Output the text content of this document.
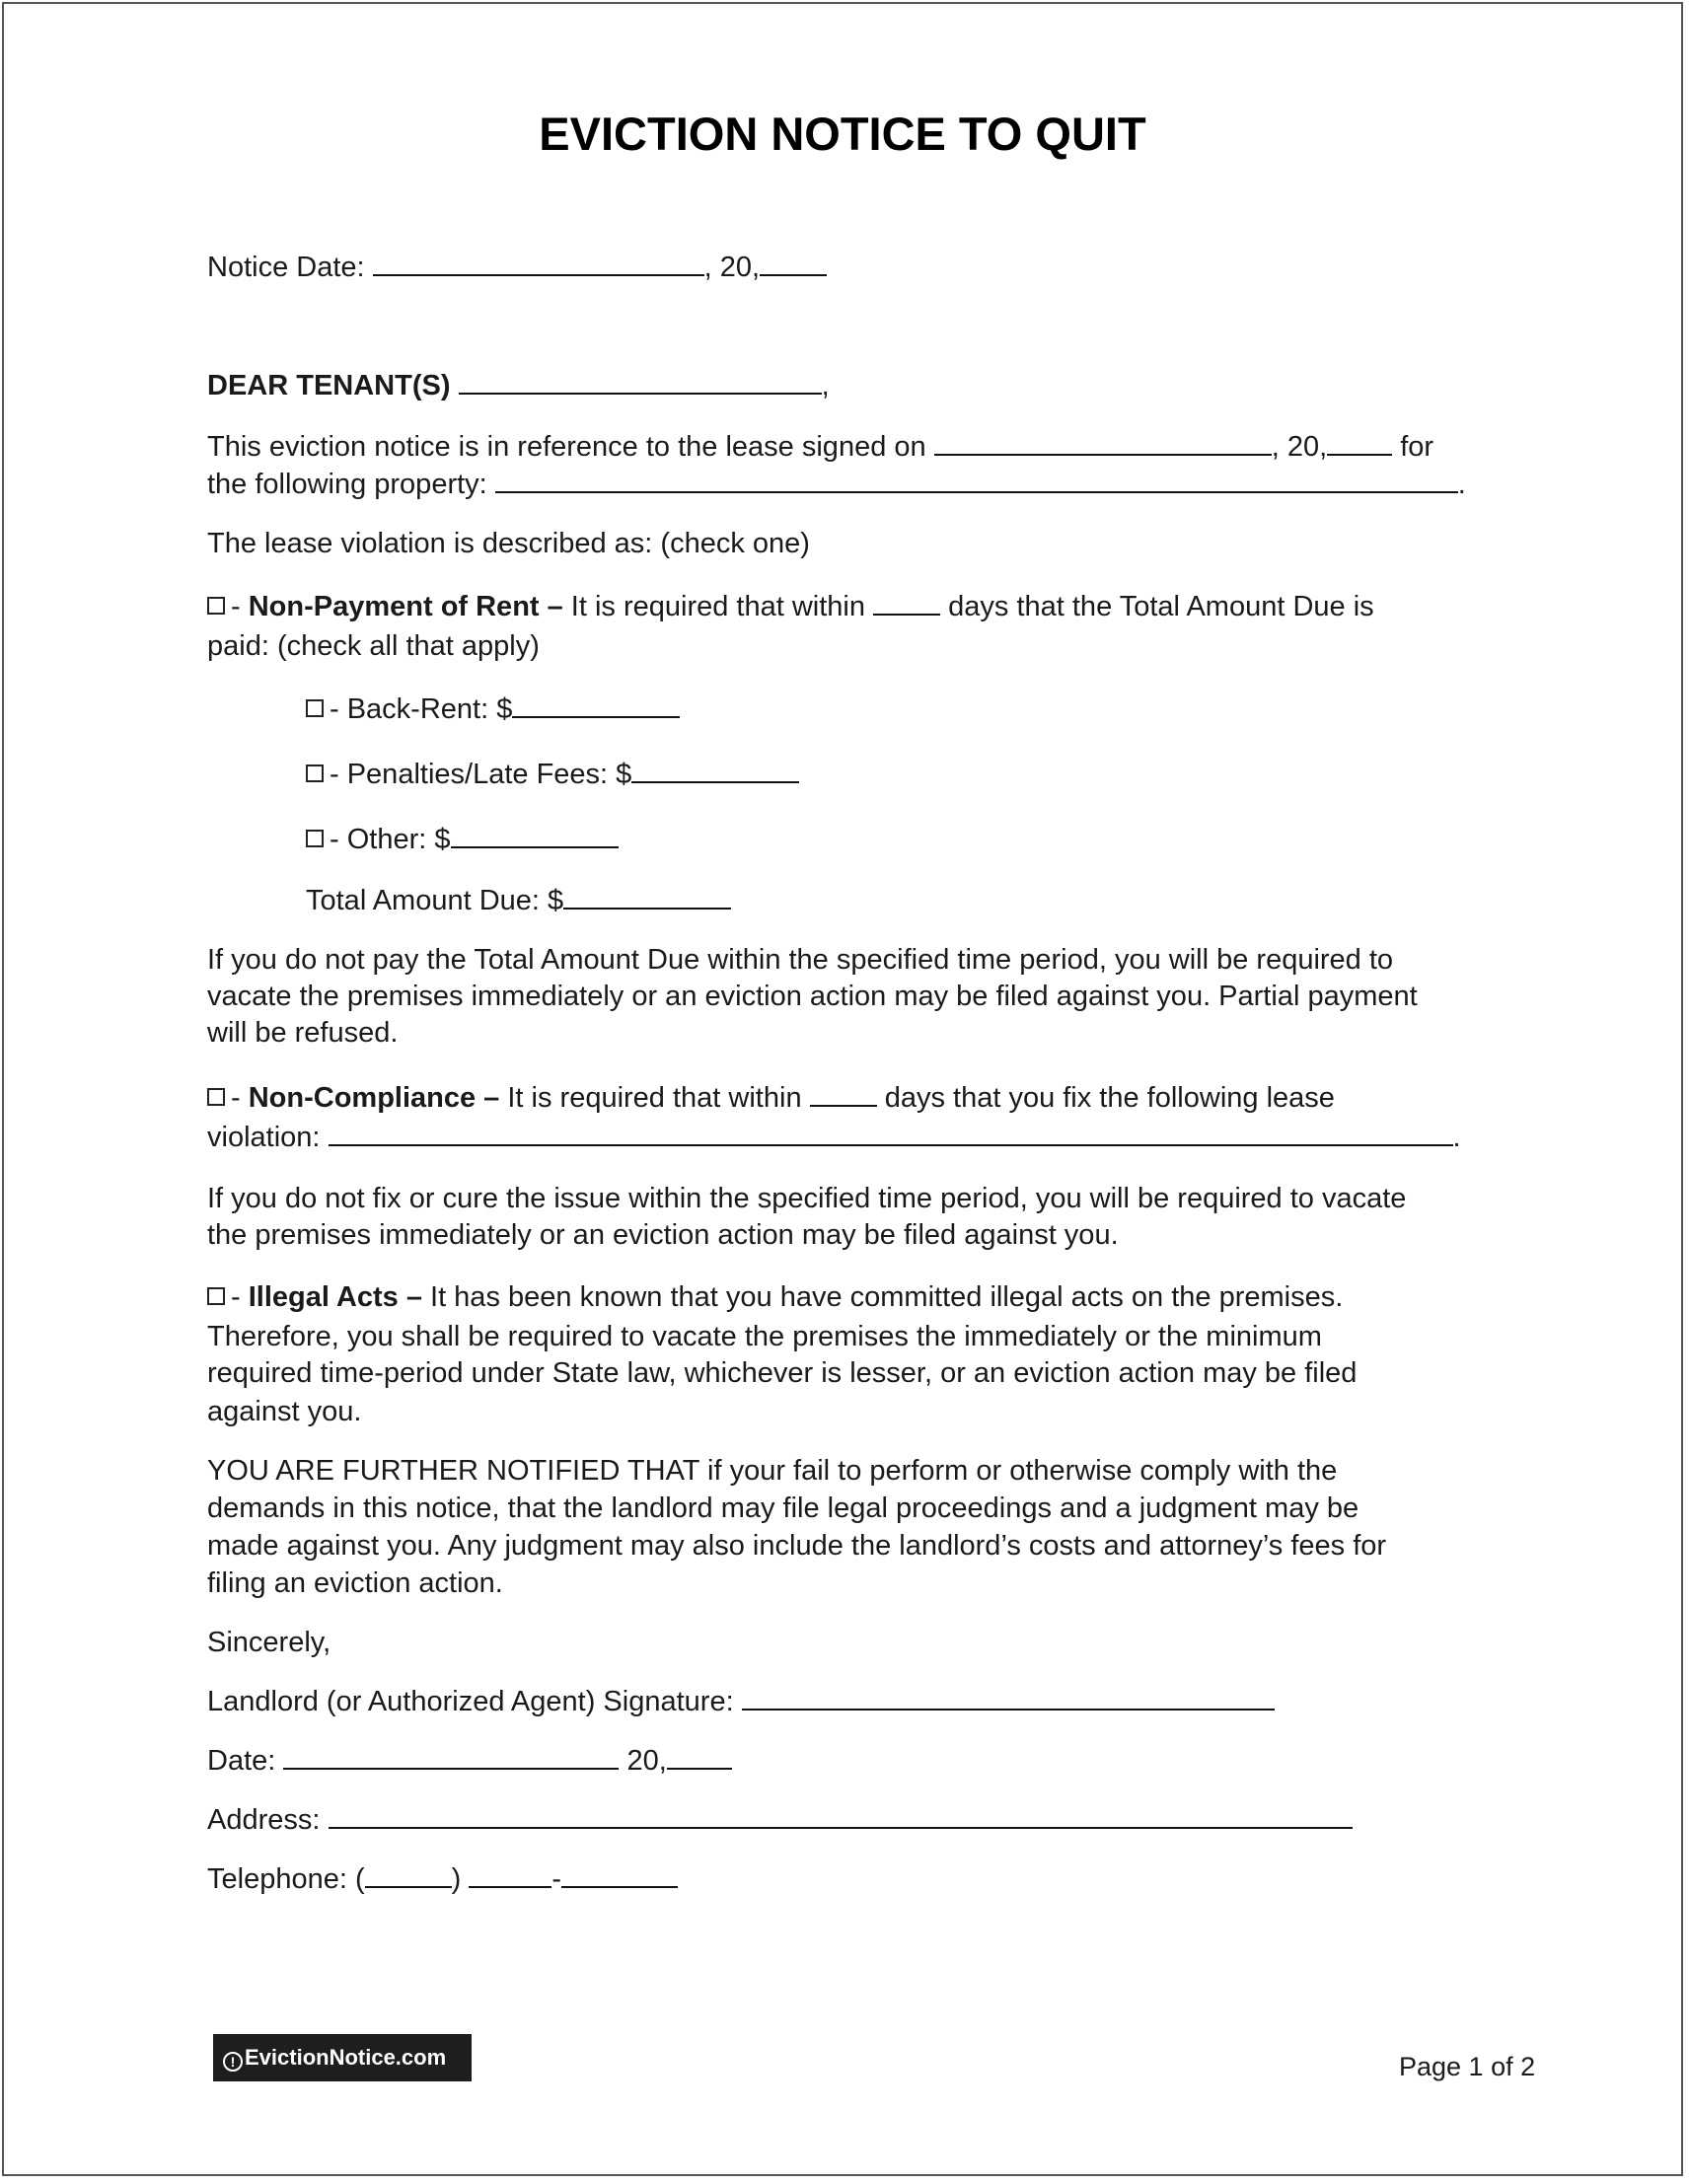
EVICTION NOTICE TO QUIT
Notice Date:	, 20,
DEAR TENANT(S)	,
This eviction notice is in reference to the lease signed on	, 20,	for
the following property:	.
The lease violation is described as: (check one)
- Non-Payment of Rent – It is required that within  days that the Total Amount Due is
paid: (check all that apply)
- Back-Rent: $
- Penalties/Late Fees: $
- Other: $
Total Amount Due: $
If you do not pay the Total Amount Due within the specified time period, you will be required to
vacate the premises immediately or an eviction action may be filed against you. Partial payment
will be refused.
- Non-Compliance – It is required that within  days that you fix the following lease
violation:	.
If you do not fix or cure the issue within the specified time period, you will be required to vacate
the premises immediately or an eviction action may be filed against you.
- Illegal Acts – It has been known that you have committed illegal acts on the premises.
Therefore, you shall be required to vacate the premises the immediately or the minimum
required time-period under State law, whichever is lesser, or an eviction action may be filed
against you.
YOU ARE FURTHER NOTIFIED THAT if your fail to perform or otherwise comply with the
demands in this notice, that the landlord may file legal proceedings and a judgment may be
made against you. Any judgment may also include the landlord’s costs and attorney’s fees for
filing an eviction action.
Sincerely,
Landlord (or Authorized Agent) Signature:
Date:	20,
Address:
Telephone: (	)	-
! EvictionNotice.com	Page 1 of 2
